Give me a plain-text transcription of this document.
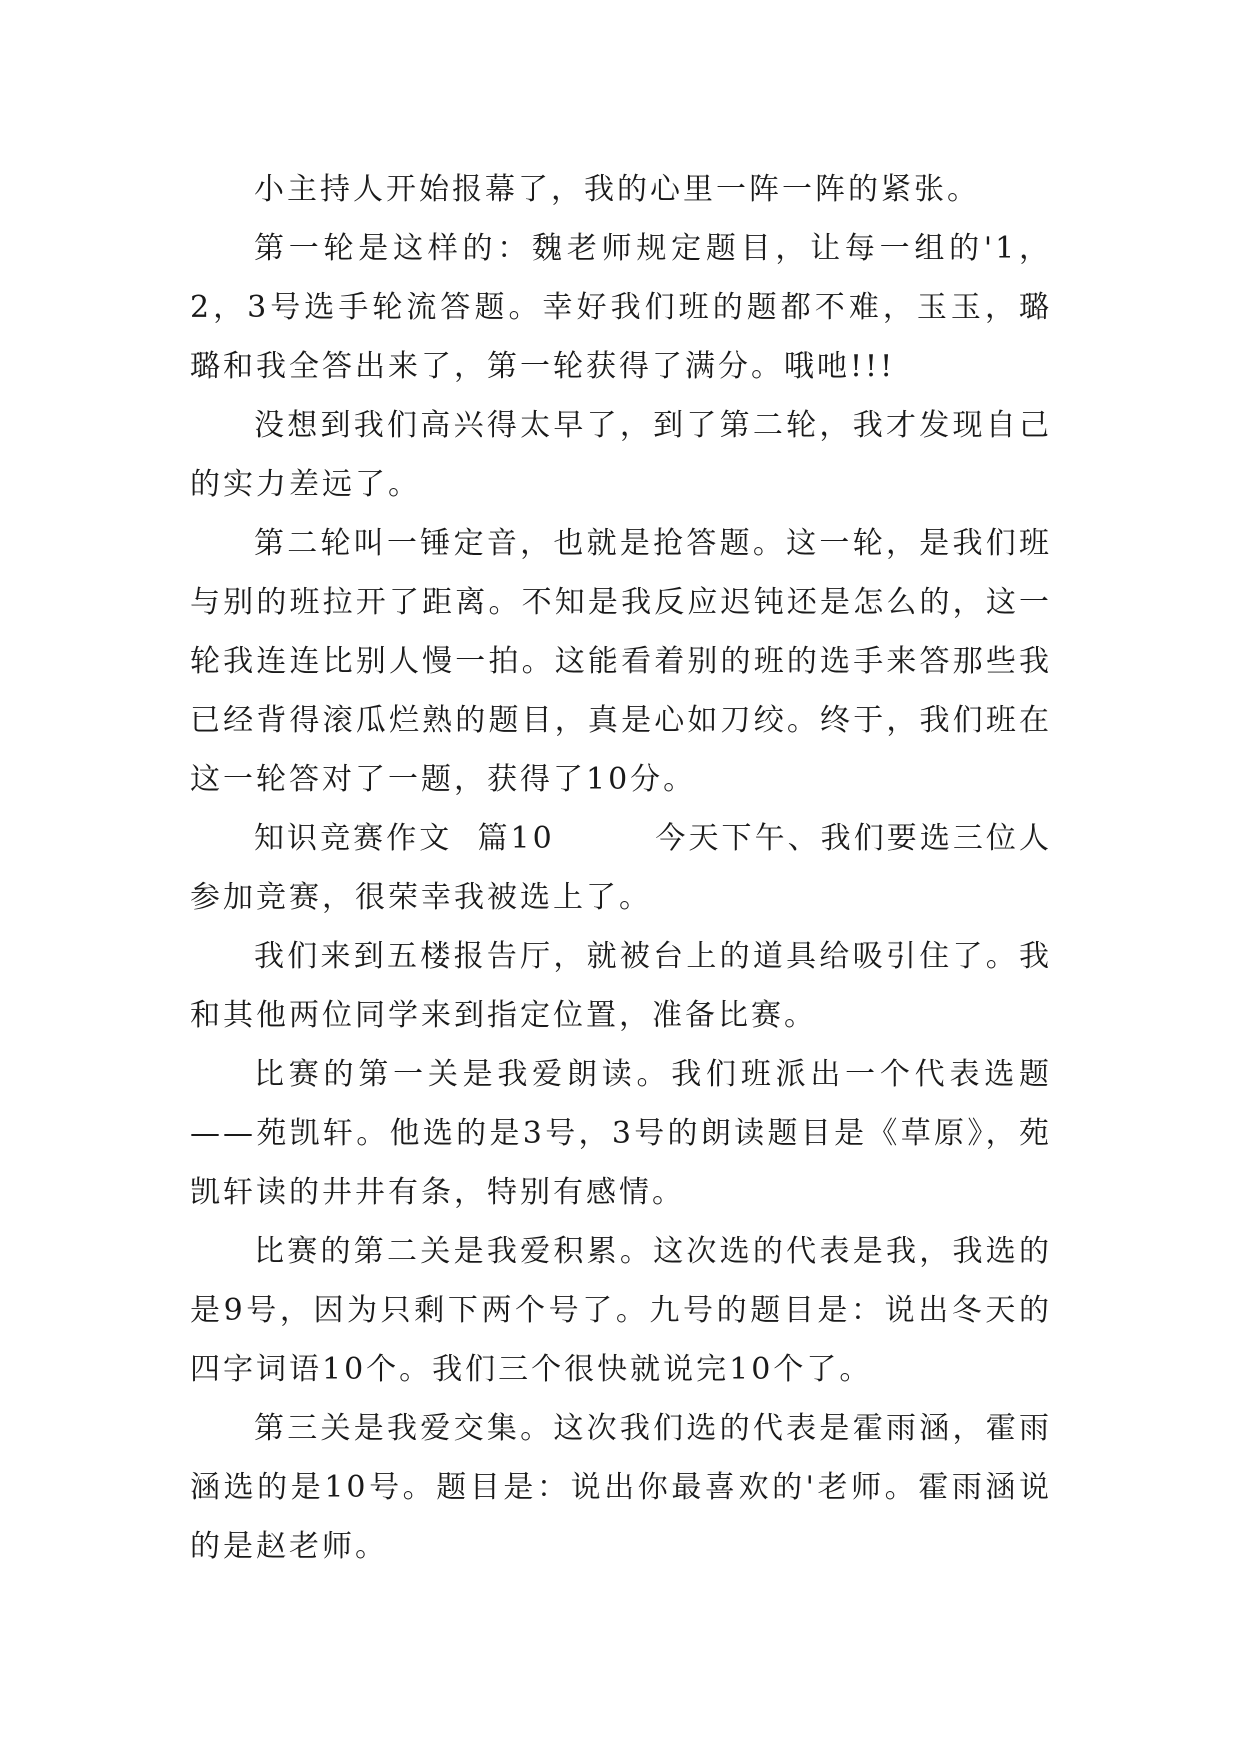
小主持人开始报幕了，我的心里一阵一阵的紧张。

第一轮是这样的：魏老师规定题目，让每一组的'1，2，3号选手轮流答题。幸好我们班的题都不难，玉玉，璐璐和我全答出来了，第一轮获得了满分。哦吔!!!

没想到我们高兴得太早了，到了第二轮，我才发现自己的实力差远了。

第二轮叫一锤定音，也就是抢答题。这一轮，是我们班与别的班拉开了距离。不知是我反应迟钝还是怎么的，这一轮我连连比别人慢一拍。这能看着别的班的选手来答那些我已经背得滚瓜烂熟的题目，真是心如刀绞。终于，我们班在这一轮答对了一题，获得了10分。

知识竞赛作文  篇10        今天下午、我们要选三位人参加竞赛，很荣幸我被选上了。

我们来到五楼报告厅，就被台上的道具给吸引住了。我和其他两位同学来到指定位置，准备比赛。

比赛的第一关是我爱朗读。我们班派出一个代表选题——苑凯轩。他选的是3号，3号的朗读题目是《草原》，苑凯轩读的井井有条，特别有感情。

比赛的第二关是我爱积累。这次选的代表是我，我选的是9号，因为只剩下两个号了。九号的题目是：说出冬天的四字词语10个。我们三个很快就说完10个了。

第三关是我爱交集。这次我们选的代表是霍雨涵，霍雨涵选的是10号。题目是：说出你最喜欢的'老师。霍雨涵说的是赵老师。
